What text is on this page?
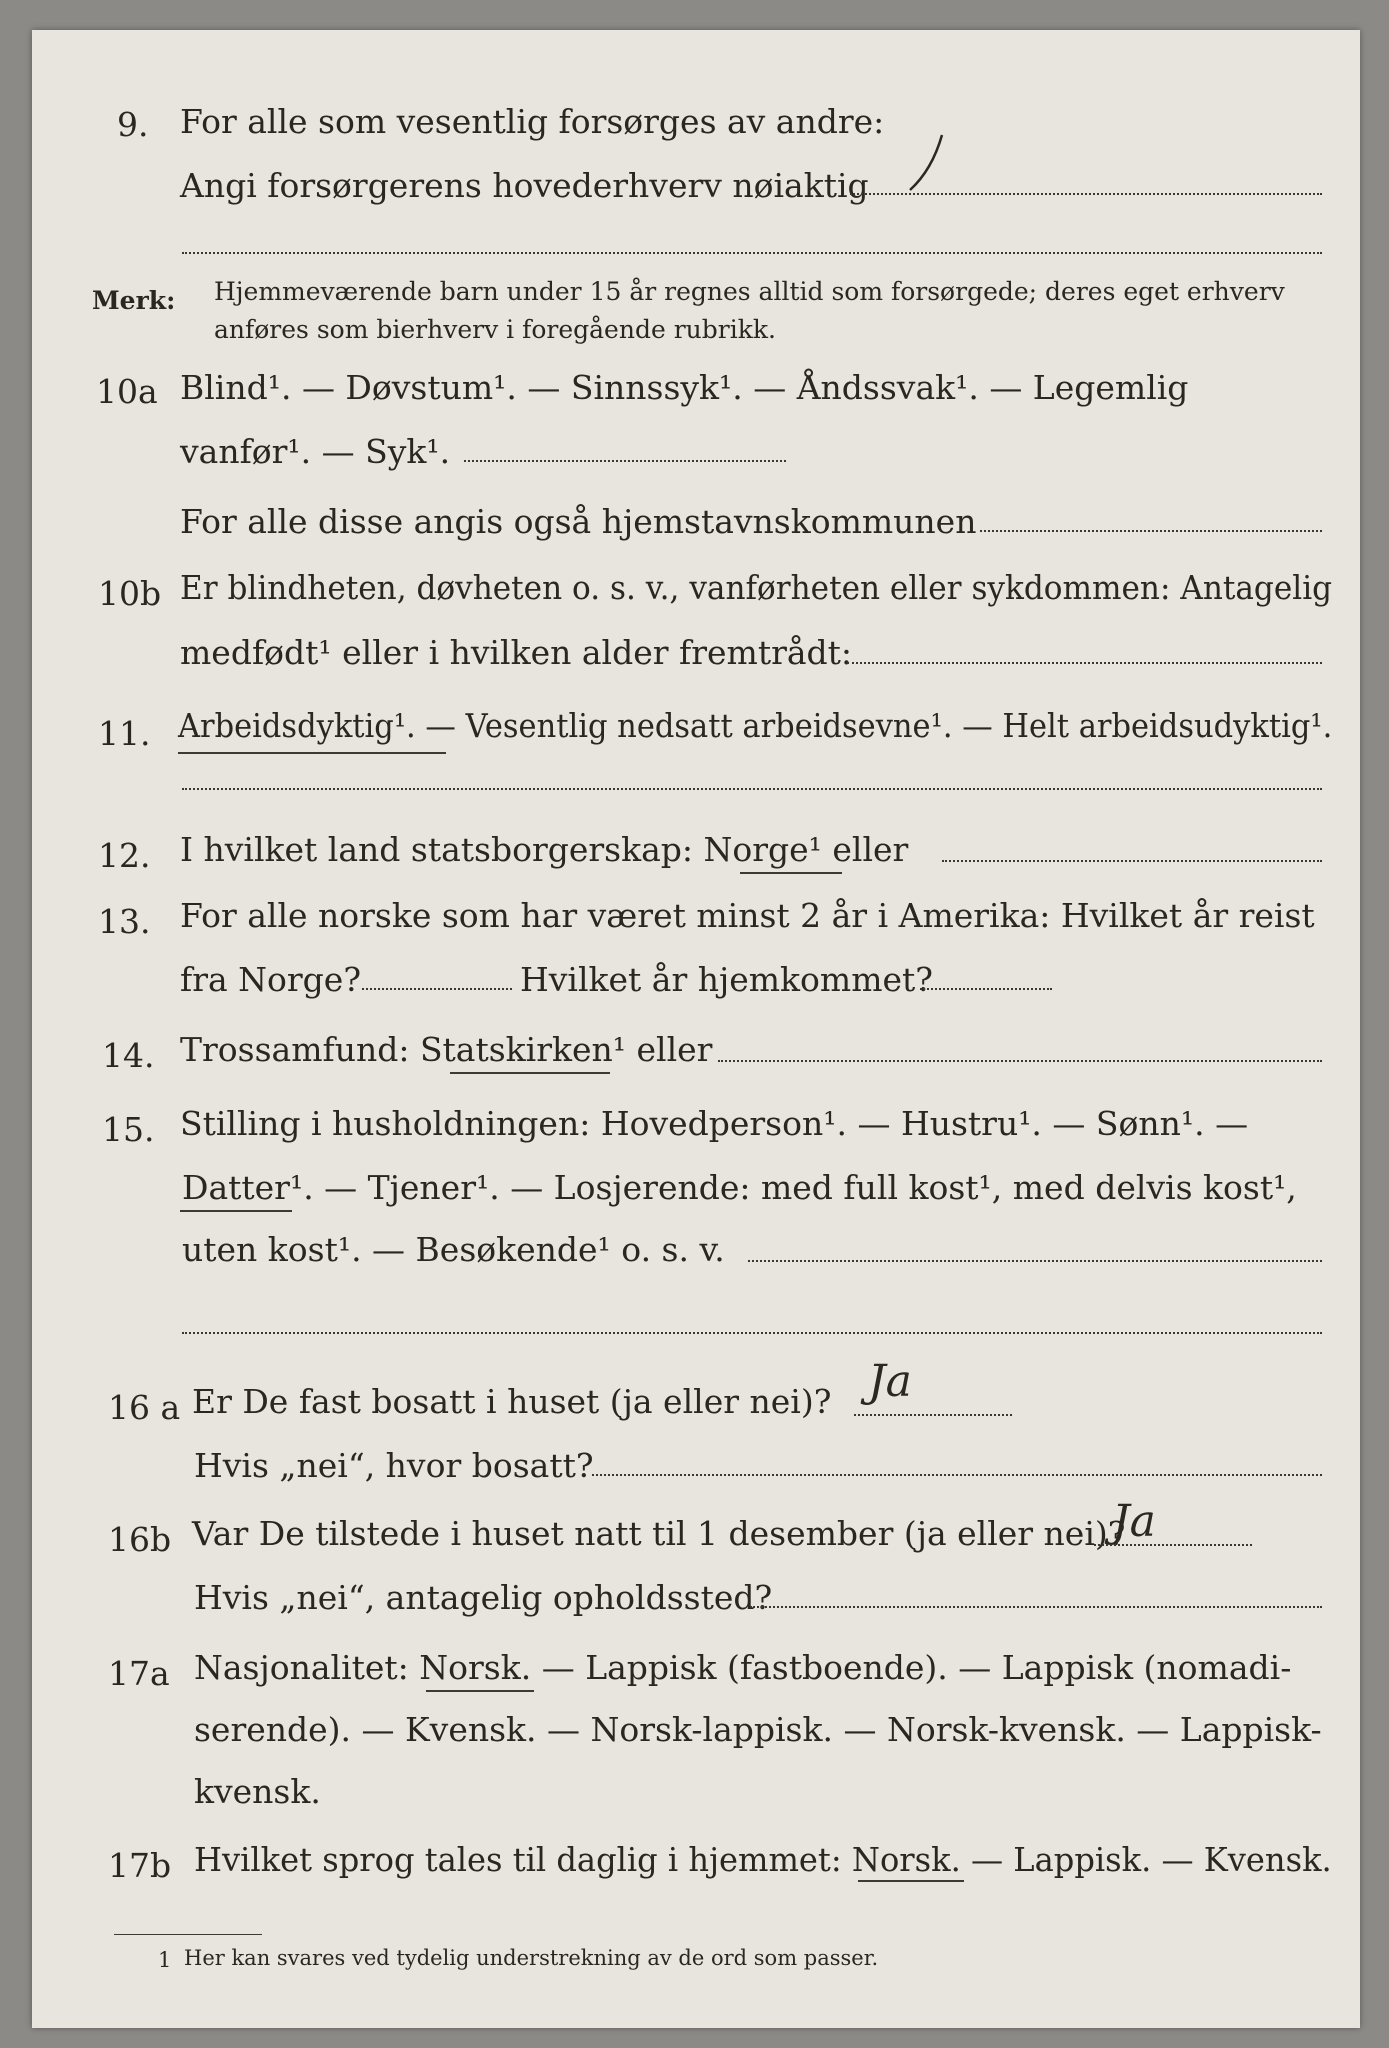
9. For alle som vesentlig forsørges av andre:
Angi forsørgerens hovederhverv nøiaktig
Merk: Hjemmeværende barn under 15 år regnes alltid som forsørgede; deres eget erhverv
anføres som bierhverv i foregående rubrikk.
10a Blind¹. — Døvstum¹. — Sinnssyk¹. — Åndssvak¹. — Legemlig
vanfør¹. — Syk¹.
For alle disse angis også hjemstavnskommunen
10b Er blindheten, døvheten o. s. v., vanførheten eller sykdommen: Antagelig
medfødt¹ eller i hvilken alder fremtrådt:
11. Arbeidsdyktig¹. — Vesentlig nedsatt arbeidsevne¹. — Helt arbeidsudyktig¹.
12. I hvilket land statsborgerskap: Norge¹ eller
13. For alle norske som har været minst 2 år i Amerika: Hvilket år reist
fra Norge?	Hvilket år hjemkommet?
14. Trossamfund: Statskirken¹ eller
15. Stilling i husholdningen: Hovedperson¹. — Hustru¹. — Sønn¹. —
Datter¹. — Tjener¹. — Losjerende: med full kost¹, med delvis kost¹,
uten kost¹. — Besøkende¹ o. s. v.
16 a Er De fast bosatt i huset (ja eller nei)? Ja
Hvis „nei“, hvor bosatt?
16b Var De tilstede i huset natt til 1 desember (ja eller nei)?
Ja
Hvis „nei“, antagelig opholdssted?
17a Nasjonalitet: Norsk. — Lappisk (fastboende). — Lappisk (nomadi-
serende). — Kvensk. — Norsk-lappisk. — Norsk-kvensk. — Lappisk-
kvensk.
17b Hvilket sprog tales til daglig i hjemmet: Norsk. — Lappisk. — Kvensk.
1 Her kan svares ved tydelig understrekning av de ord som passer.
